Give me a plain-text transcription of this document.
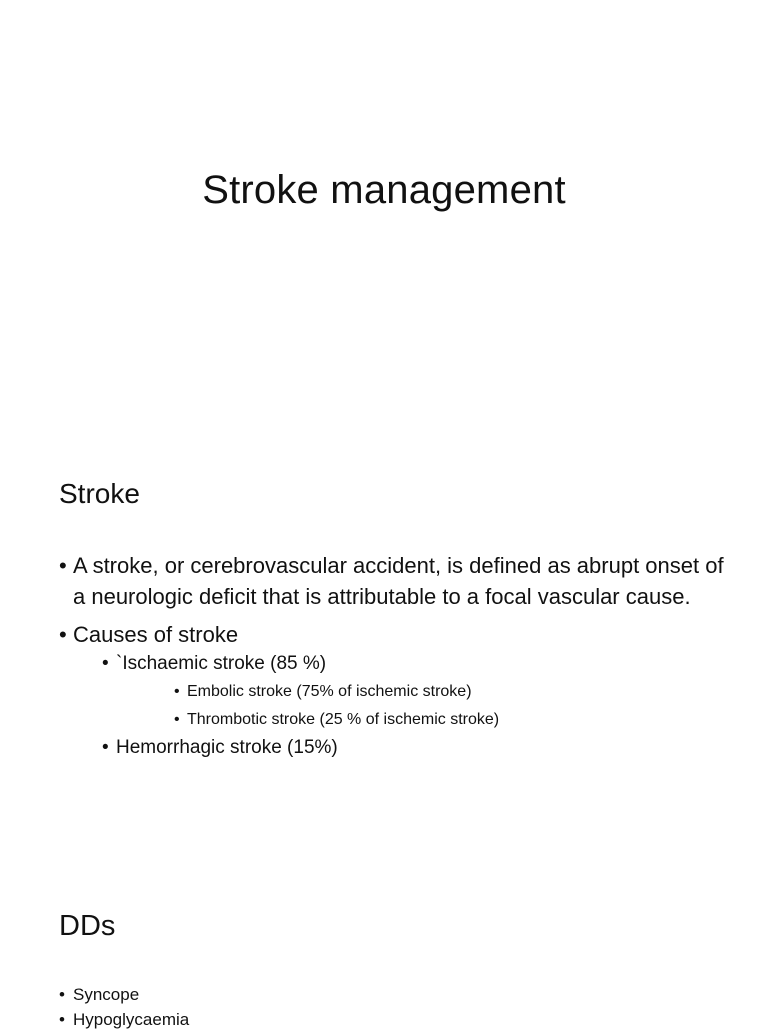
Stroke management
Stroke
• A stroke, or cerebrovascular accident, is defined as abrupt onset of a neurologic deficit that is attributable to a focal vascular cause.
• Causes of stroke
• `Ischaemic stroke (85 %)
• Embolic stroke (75% of ischemic stroke)
• Thrombotic stroke (25 % of ischemic stroke)
• Hemorrhagic stroke (15%)
DDs
• Syncope
• Hypoglycaemia
